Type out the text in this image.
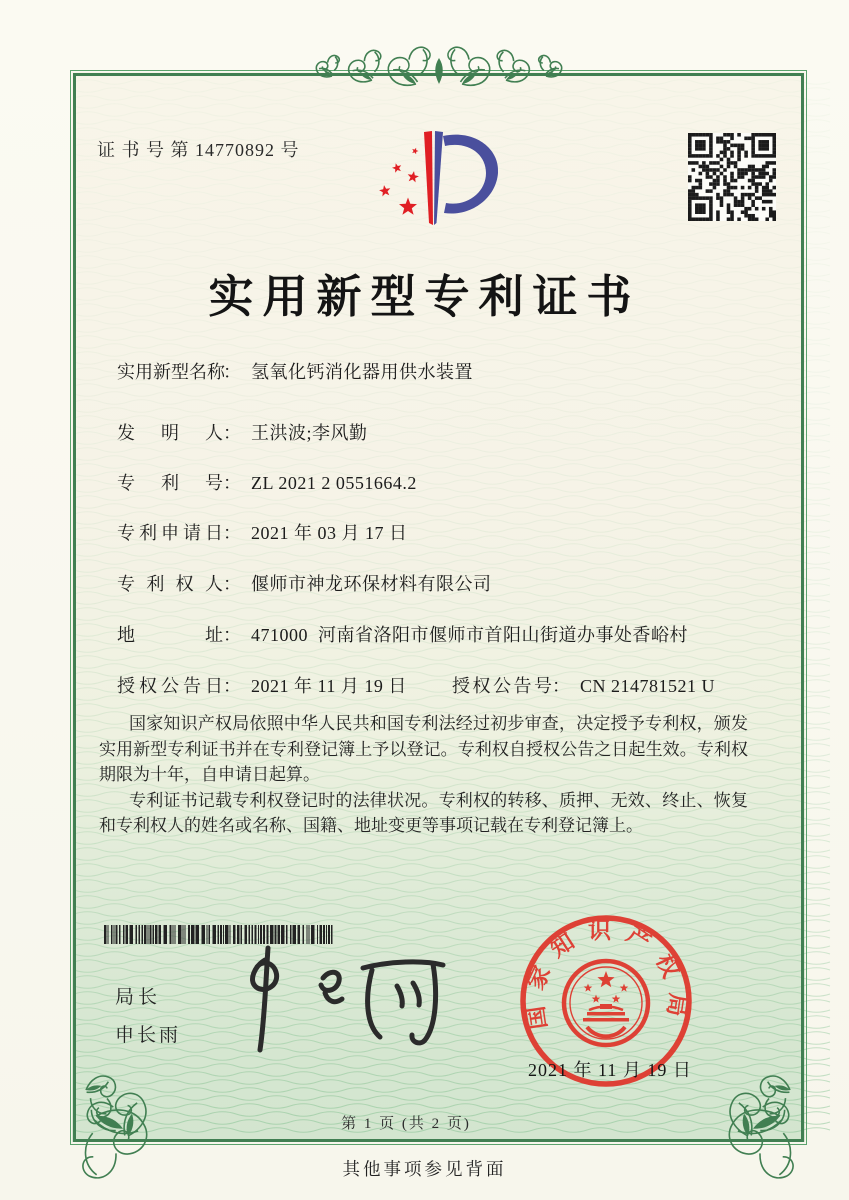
证 书 号 第 14770892 号
实用新型专利证书
实用新型名称： 氢氧化钙消化器用供水装置
发明人： 王洪波;李风勤
专利号： ZL 2021 2 0551664.2
专利申请日： 2021 年 03 月 17 日
专利权人： 偃师市神龙环保材料有限公司
地址： 471000  河南省洛阳市偃师市首阳山街道办事处香峪村
授权公告日： 2021 年 11 月 19 日	授权公告号： CN 214781521 U

国家知识产权局依照中华人民共和国专利法经过初步审查，决定授予专利权，颁发实用新型专利证书并在专利登记簿上予以登记。专利权自授权公告之日起生效。专利权期限为十年，自申请日起算。

专利证书记载专利权登记时的法律状况。专利权的转移、质押、无效、终止、恢复和专利权人的姓名或名称、国籍、地址变更等事项记载在专利登记簿上。

局长
申长雨
国家知识产权局
2021 年 11 月 19 日
第 1 页 (共 2 页)
其他事项参见背面
